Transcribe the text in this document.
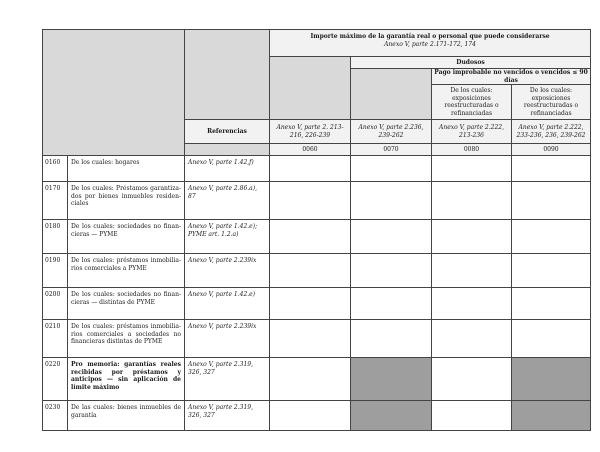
			Importe máximo de la garantía real o personal que puede considerarse
Anexo V, parte 2.171-172, 174			

				Dudosos		
					Pago improbable no vencidos o vencidos ≤ 90 días	
					De los cuales: exposiciones reestructuradas o refinanciadas	De los cuales: exposiciones reestructuradas o refinanciadas
		Referencias	Anexo V, parte 2. 213-216, 226-239	Anexo V, parte 2.236, 239-262	Anexo V, parte 2.222, 213-236	Anexo V, parte 2.222, 233-236, 236, 239-262
			0060	0070	0080	0090
0160	De los cuales: hogares	Anexo V, parte 1.42,f)				
0170	De los cuales: Préstamos garantizados por bienes inmuebles residenciales	Anexo V, parte 2.86.a), 87				
0180	De los cuales: sociedades no financieras — PYME	Anexo V, parte 1.42.e); PYME art. 1.2.a)				
0190	De los cuales: préstamos inmobiliarios comerciales a PYME	Anexo V, parte 2.239ix				
0200	De los cuales: sociedades no financieras — distintas de PYME	Anexo V, parte 1.42.e)				
0210	De los cuales: préstamos inmobiliarios comerciales a sociedades no financieras distintas de PYME	Anexo V, parte 2.239ix				
0220	Pro memoria: garantías reales recibidas por préstamos y anticipos — sin aplicación de límite máximo	Anexo V, parte 2.319, 326, 327				
0230	De las cuales: bienes inmuebles de garantía	Anexo V, parte 2.319, 326, 327				
